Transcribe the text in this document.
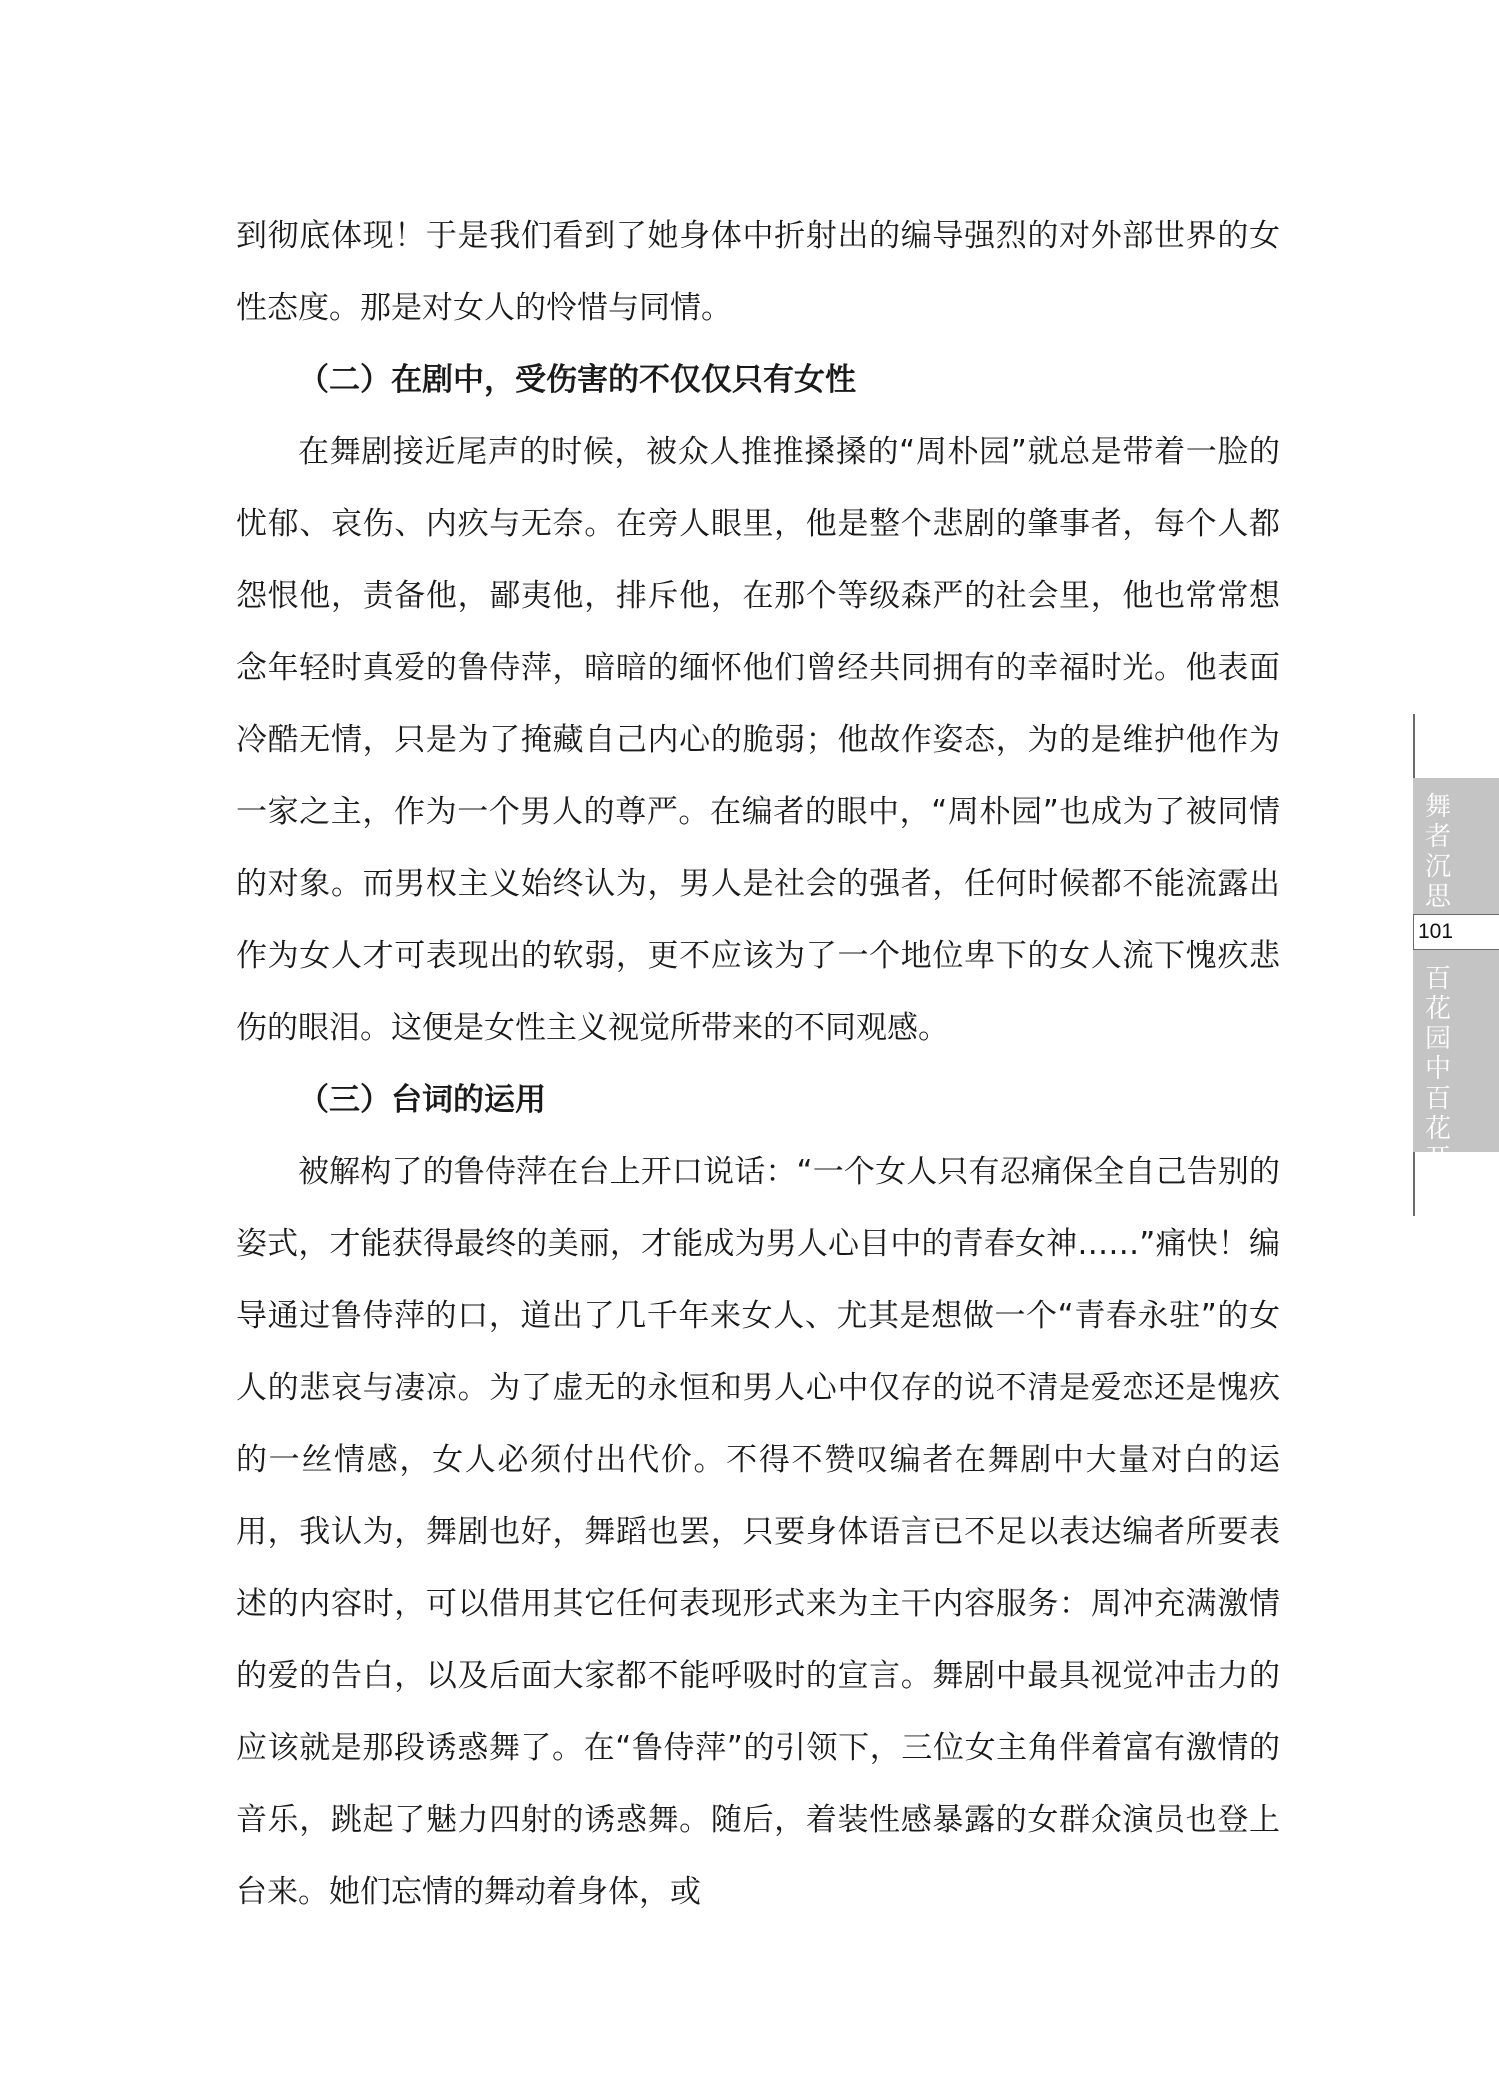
到彻底体现！于是我们看到了她身体中折射出的编导强烈的对外部世界的女性态度。那是对女人的怜惜与同情。

（二）在剧中，受伤害的不仅仅只有女性

在舞剧接近尾声的时候，被众人推推搡搡的“周朴园”就总是带着一脸的忧郁、哀伤、内疚与无奈。在旁人眼里，他是整个悲剧的肇事者，每个人都怨恨他，责备他，鄙夷他，排斥他，在那个等级森严的社会里，他也常常想念年轻时真爱的鲁侍萍，暗暗的缅怀他们曾经共同拥有的幸福时光。他表面冷酷无情，只是为了掩藏自己内心的脆弱；他故作姿态，为的是维护他作为一家之主，作为一个男人的尊严。在编者的眼中，“周朴园”也成为了被同情的对象。而男权主义始终认为，男人是社会的强者，任何时候都不能流露出作为女人才可表现出的软弱，更不应该为了一个地位卑下的女人流下愧疚悲伤的眼泪。这便是女性主义视觉所带来的不同观感。

（三）台词的运用

被解构了的鲁侍萍在台上开口说话：“一个女人只有忍痛保全自己告别的姿式，才能获得最终的美丽，才能成为男人心目中的青春女神……”痛快！编导通过鲁侍萍的口，道出了几千年来女人、尤其是想做一个“青春永驻”的女人的悲哀与凄凉。为了虚无的永恒和男人心中仅存的说不清是爱恋还是愧疚的一丝情感，女人必须付出代价。不得不赞叹编者在舞剧中大量对白的运用，我认为，舞剧也好，舞蹈也罢，只要身体语言已不足以表达编者所要表述的内容时，可以借用其它任何表现形式来为主干内容服务：周冲充满激情的爱的告白，以及后面大家都不能呼吸时的宣言。舞剧中最具视觉冲击力的应该就是那段诱惑舞了。在“鲁侍萍”的引领下，三位女主角伴着富有激情的音乐，跳起了魅力四射的诱惑舞。随后，着装性感暴露的女群众演员也登上台来。她们忘情的舞动着身体，或

舞者沉思
101
百花园中百花开
